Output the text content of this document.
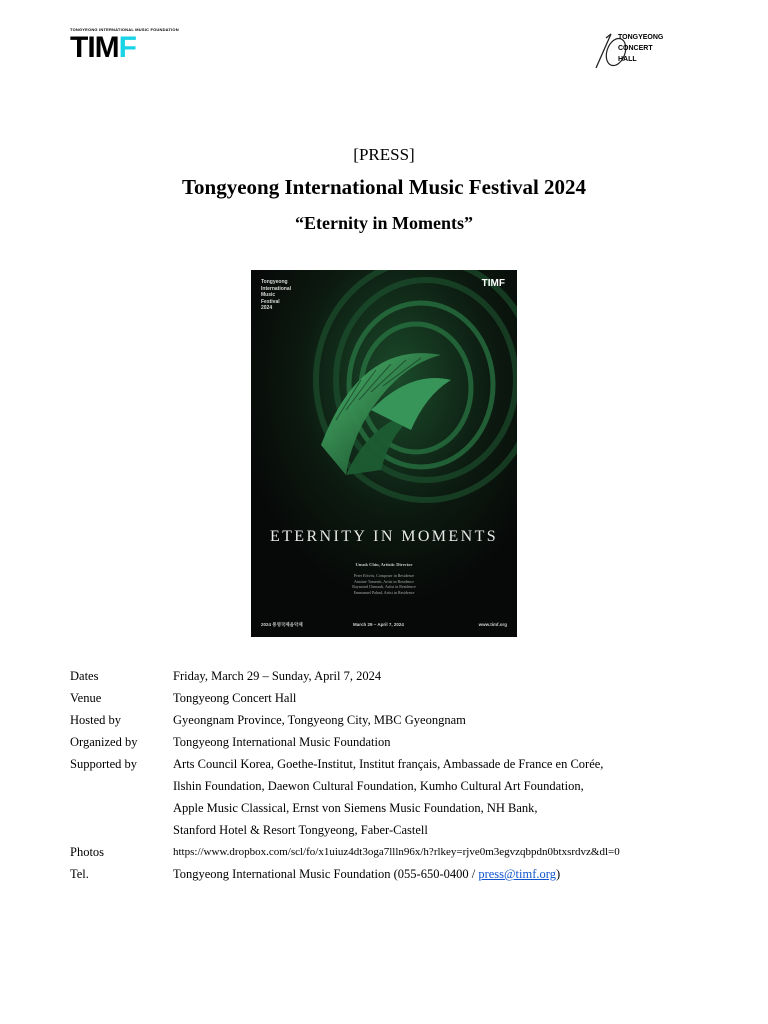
TONGYEONG INTERNATIONAL MUSIC FOUNDATION
TIMF	TONGYEONG
CONCERT
HALL
[PRESS]
Tongyeong International Music Festival 2024
“Eternity in Moments”
Tongyeong
International
Music
Festival
2024
TIMF
ETERNITY IN MOMENTS
Unsuk Chin, Artistic Director
Peter Eötvös, Composer in Residence
Antoine Tamestit, Artist in Residence
Raymond Chenault, Artist in Residence
Emmanuel Pahud, Artist in Residence
2024 통영국제음악제	March 29 – April 7, 2024	www.timf.org
Dates	Friday, March 29 – Sunday, April 7, 2024
Venue	Tongyeong Concert Hall
Hosted by	Gyeongnam Province, Tongyeong City, MBC Gyeongnam
Organized by	Tongyeong International Music Foundation
Supported by	Arts Council Korea, Goethe-Institut, Institut français, Ambassade de France en Corée,
Ilshin Foundation, Daewon Cultural Foundation, Kumho Cultural Art Foundation,
Apple Music Classical, Ernst von Siemens Music Foundation, NH Bank,
Stanford Hotel & Resort Tongyeong, Faber-Castell
Photos	https://www.dropbox.com/scl/fo/x1uiuz4dt3oga7llln96x/h?rlkey=rjve0m3egvzqbpdn0btxsrdvz&dl=0
Tel.	Tongyeong International Music Foundation (055-650-0400 / press@timf.org)
